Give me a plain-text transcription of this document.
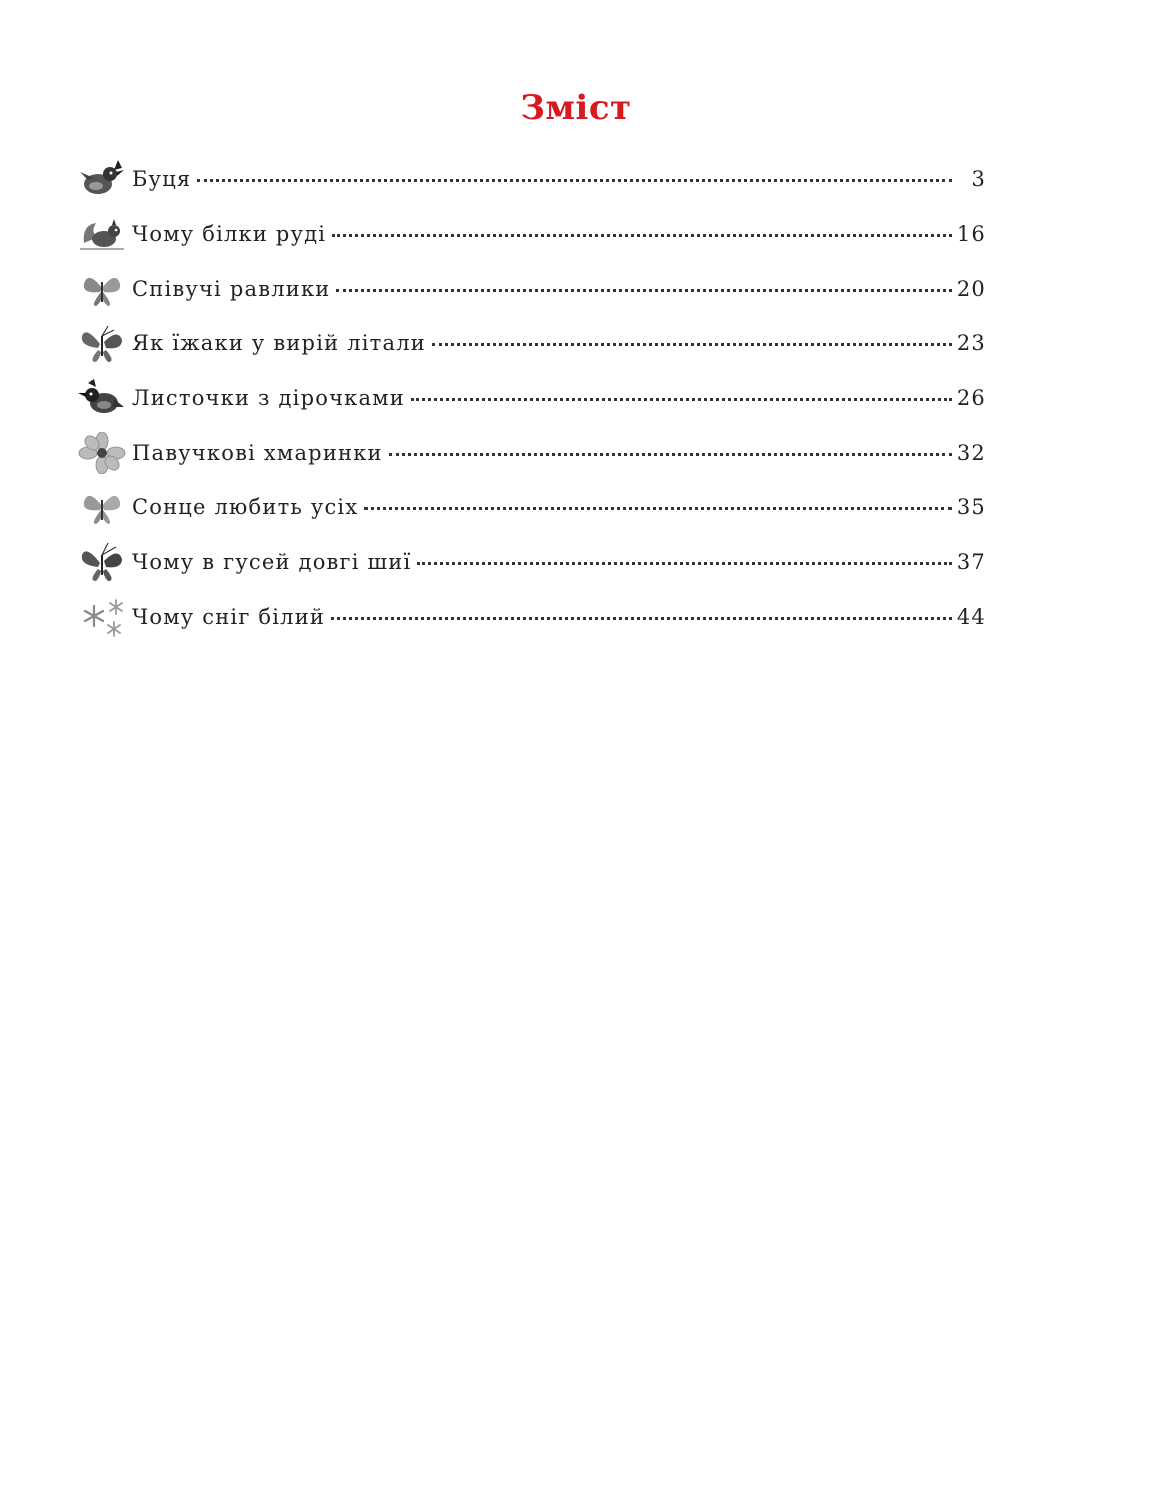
Зміст
Буця	3
Чому білки руді	16
Співучі равлики	20
Як їжаки у вирій літали	23
Листочки з дірочками	26
Павучкові хмаринки	32
Сонце любить усіх	35
Чому в гусей довгі шиї	37
Чому сніг білий	44
